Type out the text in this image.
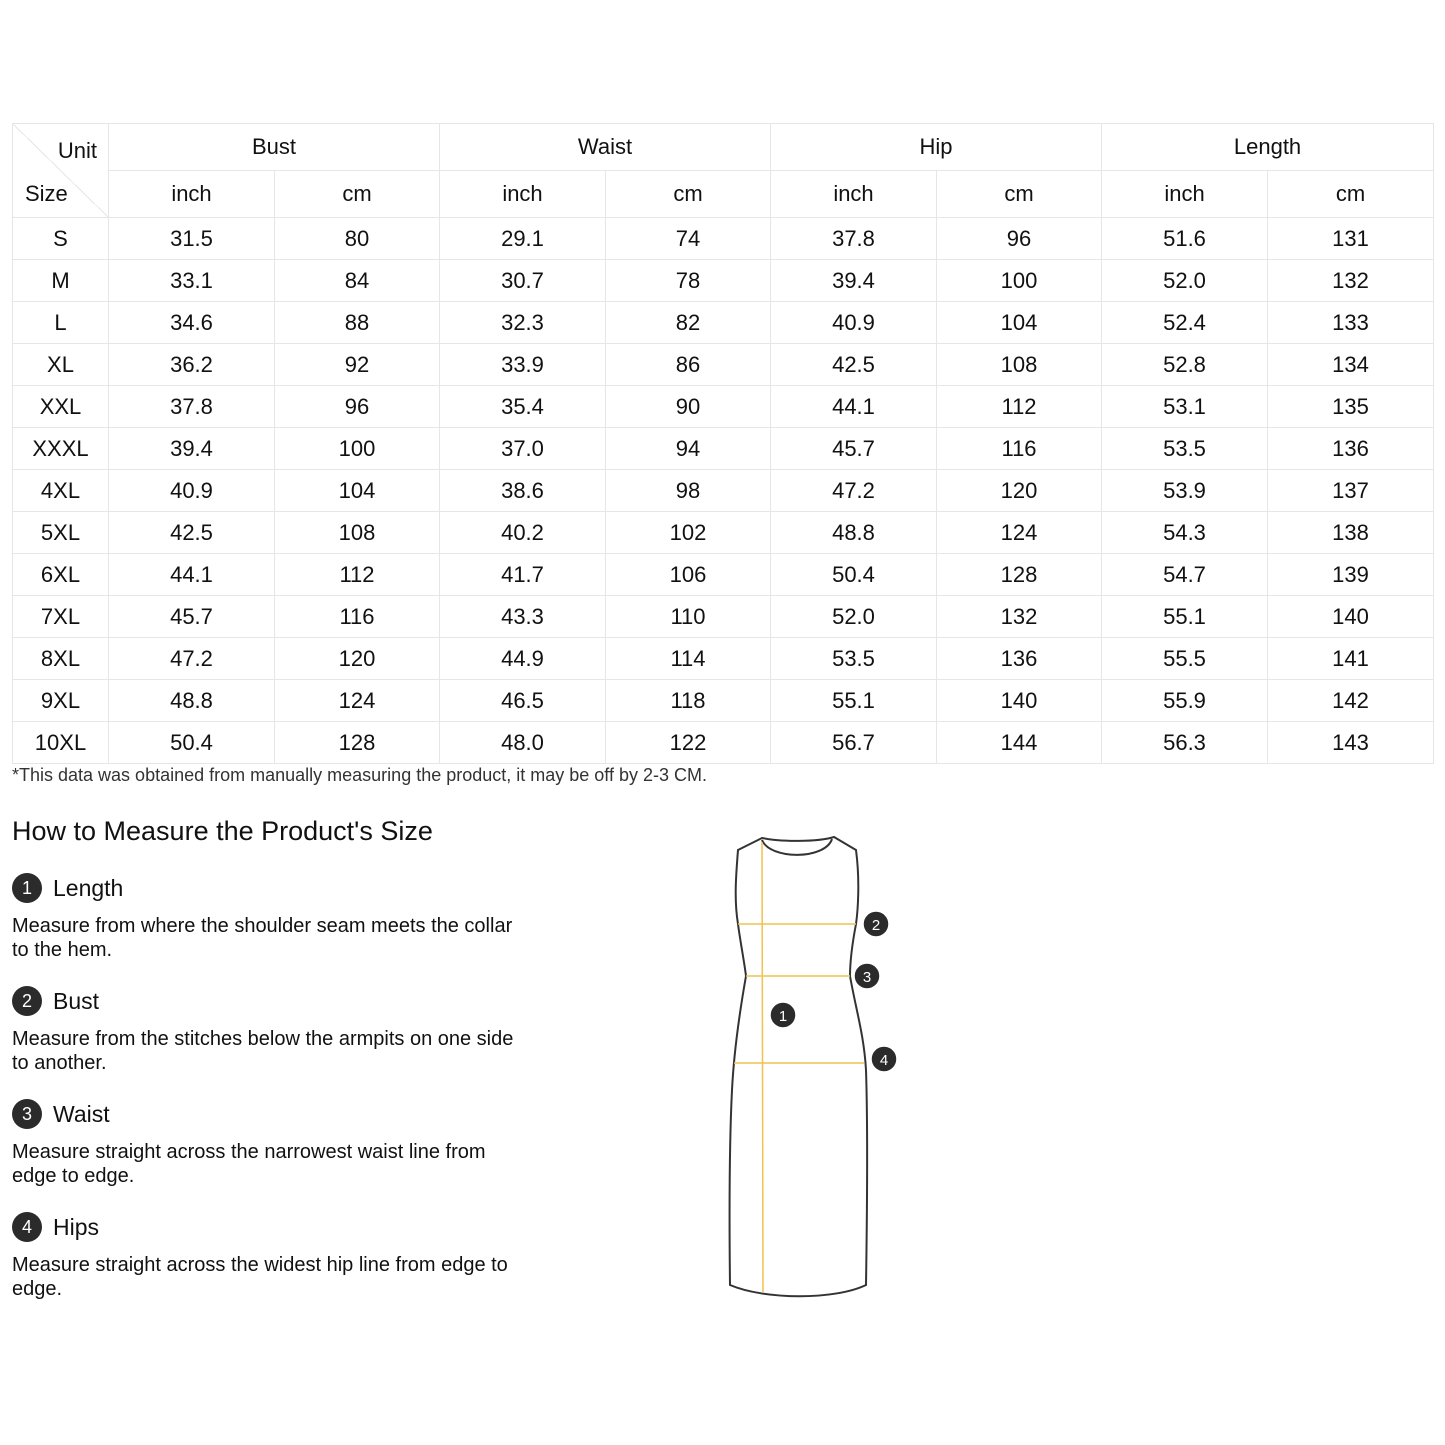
Unit
Size	Bust		Waist		Hip		Length	
	inch	cm	inch	cm	inch	cm	inch	cm
S	31.5	80	29.1	74	37.8	96	51.6	131
M	33.1	84	30.7	78	39.4	100	52.0	132
L	34.6	88	32.3	82	40.9	104	52.4	133
XL	36.2	92	33.9	86	42.5	108	52.8	134
XXL	37.8	96	35.4	90	44.1	112	53.1	135
XXXL	39.4	100	37.0	94	45.7	116	53.5	136
4XL	40.9	104	38.6	98	47.2	120	53.9	137
5XL	42.5	108	40.2	102	48.8	124	54.3	138
6XL	44.1	112	41.7	106	50.4	128	54.7	139
7XL	45.7	116	43.3	110	52.0	132	55.1	140
8XL	47.2	120	44.9	114	53.5	136	55.5	141
9XL	48.8	124	46.5	118	55.1	140	55.9	142
10XL	50.4	128	48.0	122	56.7	144	56.3	143
*This data was obtained from manually measuring the product, it may be off by 2-3 CM.
How to Measure the Product's Size
1 Length
Measure from where the shoulder seam meets the collar to the hem.
2 Bust
Measure from the stitches below the armpits on one side to another.
3 Waist
Measure straight across the narrowest waist line from edge to edge.
4 Hips
Measure straight across the widest hip line from edge to edge.
1
2
3
4
